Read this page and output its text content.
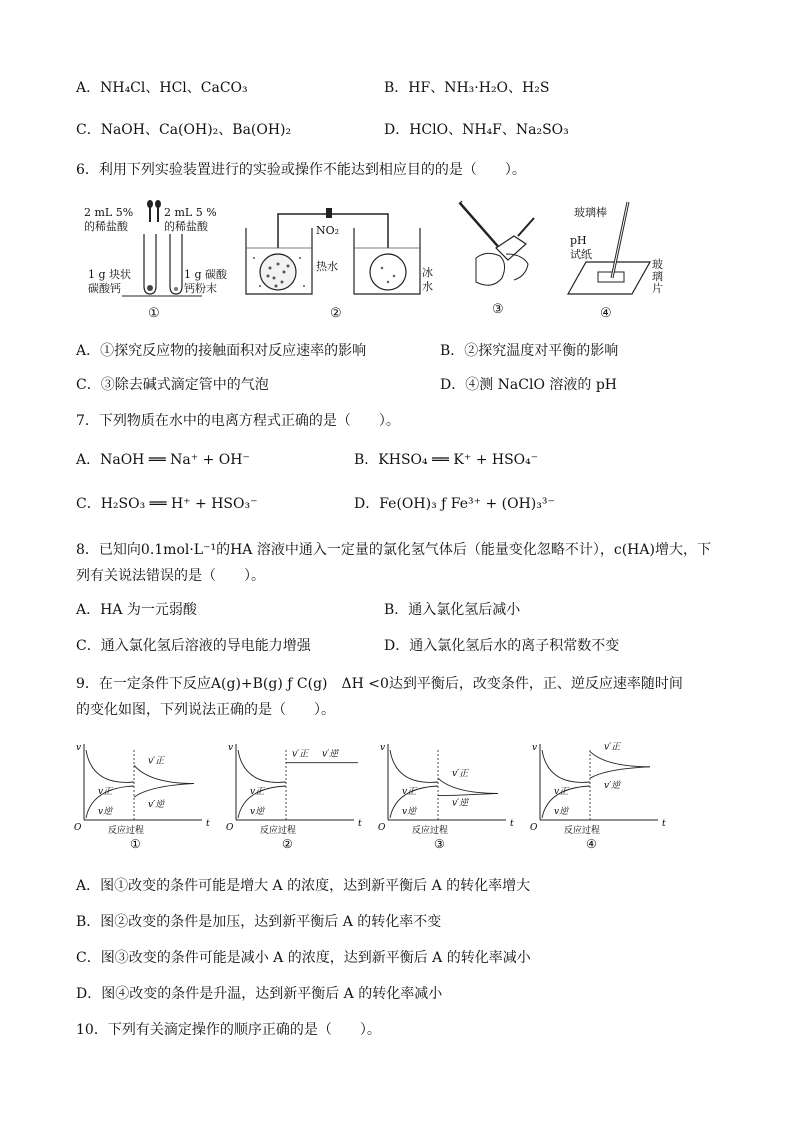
A．NH₄Cl、HCl、CaCO₃	B．HF、NH₃·H₂O、H₂S
C．NaOH、Ca(OH)₂、Ba(OH)₂	D．HClO、NH₄F、Na₂SO₃
6．利用下列实验装置进行的实验或操作不能达到相应目的的是（　　）。
2 mL 5%
的稀盐酸
2 mL 5 %
的稀盐酸
1 g 块状
碳酸钙
1 g 碳酸
钙粉末
①
NO₂
热水	冰
水
②	③
玻璃棒
pH
试纸
玻
璃
片
④
A．①探究反应物的接触面积对反应速率的影响	B．②探究温度对平衡的影响
C．③除去碱式滴定管中的气泡	D．④测 NaClO 溶液的 pH
7．下列物质在水中的电离方程式正确的是（　　）。
A．NaOH ══ Na⁺ + OH⁻	B．KHSO₄ ══ K⁺ + HSO₄⁻
C．H₂SO₃ ══ H⁺ + HSO₃⁻	D．Fe(OH)₃ ƒ Fe³⁺ + (OH)₃³⁻
8．已知向0.1mol·L⁻¹的HA 溶液中通入一定量的氯化氢气体后（能量变化忽略不计），c(HA)增大，下
列有关说法错误的是（　　）。
A．HA 为一元弱酸	B．通入氯化氢后减小
C．通入氯化氢后溶液的导电能力增强	D．通入氯化氢后水的离子积常数不变
9．在一定条件下反应A(g)+B(g) ƒ C(g)　ΔH <0达到平衡后，改变条件，正、逆反应速率随时间
的变化如图，下列说法正确的是（　　）。
v
O	t
v正
v逆
v′正
v′逆
反应过程
①
v
O	t
v正
v逆
v′正 v′逆
反应过程
②
v
O	t
v正
v逆
v′正
v′逆
反应过程
③
v
O	t
v正
v逆
v′正
v′逆
反应过程
④
A．图①改变的条件可能是增大 A 的浓度，达到新平衡后 A 的转化率增大
B．图②改变的条件是加压，达到新平衡后 A 的转化率不变
C．图③改变的条件可能是减小 A 的浓度，达到新平衡后 A 的转化率减小
D．图④改变的条件是升温，达到新平衡后 A 的转化率减小
10．下列有关滴定操作的顺序正确的是（　　）。
